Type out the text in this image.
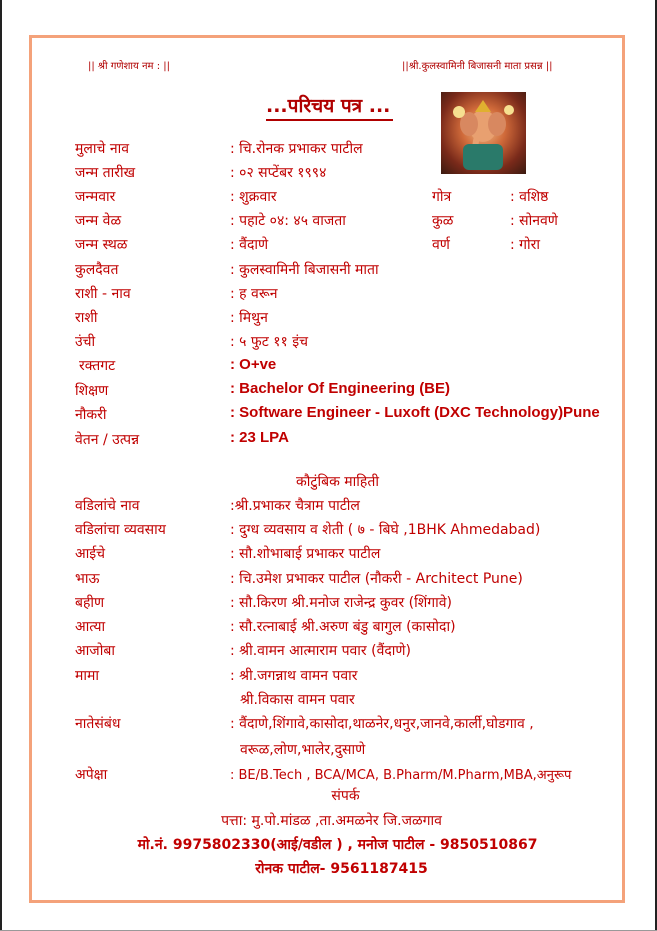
|| श्री गणेशाय नम : ||	||श्री.कुलस्वामिनी बिजासनी माता प्रसन्न ||
...परिचय पत्र ...
मुलाचे नाव	: चि.रोनक प्रभाकर पाटील
जन्म तारीख	: ०२ सप्टेंबर १९९४
जन्मवार	: शुक्रवार	गोत्र	: वशिष्ठ
जन्म वेळ	: पहाटे ०४: ४५ वाजता	कुळ	: सोनवणे
जन्म स्थळ	: वैंदाणे	वर्ण	: गोरा
कुलदैवत	: कुलस्वामिनी बिजासनी माता
राशी - नाव	: ह वरून
राशी	: मिथुन
उंची	: ५ फुट ११ इंच
रक्तगट	: O+ve
शिक्षण	: Bachelor Of Engineering (BE)
नौकरी	: Software Engineer - Luxoft (DXC Technology)Pune
वेतन / उत्पन्न	: 23 LPA
कौटुंबिक माहिती
वडिलांचे नाव	:श्री.प्रभाकर चैत्राम पाटील
वडिलांचा व्यवसाय	: दुग्ध व्यवसाय व शेती ( ७ - बिघे ,1BHK Ahmedabad)
आईचे	: सौ.शोभाबाई प्रभाकर पाटील
भाऊ	: चि.उमेश प्रभाकर पाटील (नौकरी - Architect Pune)
बहीण	: सौ.किरण श्री.मनोज राजेन्द्र कुवर (शिंगावे)
आत्या	: सौ.रत्नाबाई श्री.अरुण बंडु बागुल (कासोदा)
आजोबा	: श्री.वामन आत्माराम पवार (वैंदाणे)
मामा	: श्री.जगन्नाथ वामन पवार
श्री.विकास वामन पवार
नातेसंबंध	: वैंदाणे,शिंगावे,कासोदा,थाळनेर,धनुर,जानवे,कार्ली,घोडगाव ,
वरूळ,लोण,भालेर,दुसाणे
अपेक्षा	: BE/B.Tech , BCA/MCA, B.Pharm/M.Pharm,MBA,अनुरूप
संपर्क
पत्ता: मु.पो.मांडळ ,ता.अमळनेर जि.जळगाव
मो.नं. 9975802330(आई/वडील ) , मनोज पाटील - 9850510867
रोनक पाटील- 9561187415
